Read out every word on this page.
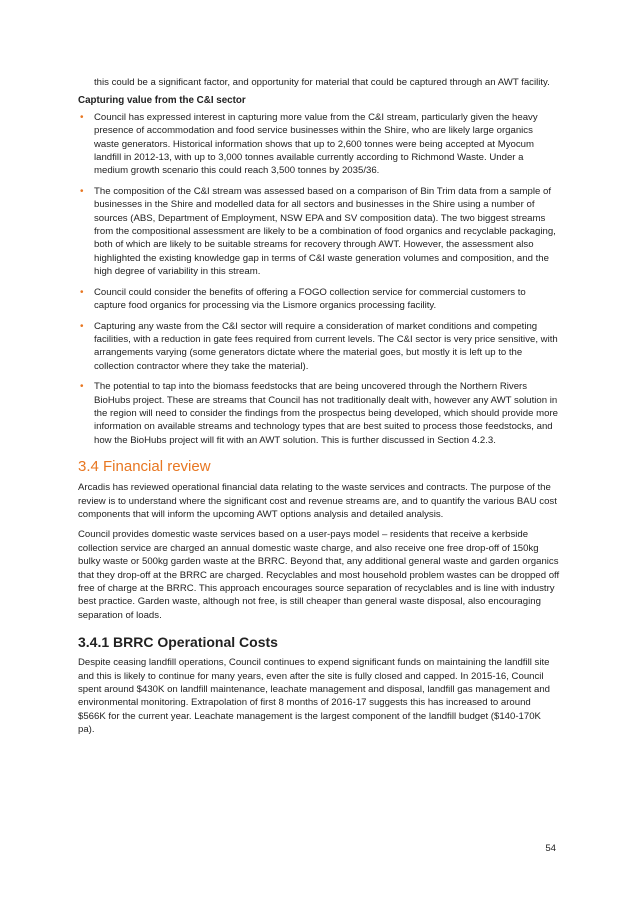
this could be a significant factor, and opportunity for material that could be captured through an AWT facility.

Capturing value from the C&I sector

• Council has expressed interest in capturing more value from the C&I stream, particularly given the heavy presence of accommodation and food service businesses within the Shire, who are likely large organics waste generators. Historical information shows that up to 2,600 tonnes were being accepted at Myocum landfill in 2012-13, with up to 3,000 tonnes available currently according to Richmond Waste. Under a medium growth scenario this could reach 3,500 tonnes by 2035/36.
• The composition of the C&I stream was assessed based on a comparison of Bin Trim data from a sample of businesses in the Shire and modelled data for all sectors and businesses in the Shire using a number of sources (ABS, Department of Employment, NSW EPA and SV composition data). The two biggest streams from the compositional assessment are likely to be a combination of food organics and recyclable packaging, both of which are likely to be suitable streams for recovery through AWT. However, the assessment also highlighted the existing knowledge gap in terms of C&I waste generation volumes and composition, and the high degree of variability in this stream.
• Council could consider the benefits of offering a FOGO collection service for commercial customers to capture food organics for processing via the Lismore organics processing facility.
• Capturing any waste from the C&I sector will require a consideration of market conditions and competing facilities, with a reduction in gate fees required from current levels. The C&I sector is very price sensitive, with arrangements varying (some generators dictate where the material goes, but mostly it is left up to the collection contractor where they take the material).
• The potential to tap into the biomass feedstocks that are being uncovered through the Northern Rivers BioHubs project. These are streams that Council has not traditionally dealt with, however any AWT solution in the region will need to consider the findings from the prospectus being developed, which should provide more information on available streams and technology types that are best suited to process those feedstocks, and how the BioHubs project will fit with an AWT solution. This is further discussed in Section 4.2.3.
3.4 Financial review

Arcadis has reviewed operational financial data relating to the waste services and contracts. The purpose of the review is to understand where the significant cost and revenue streams are, and to quantify the various BAU cost components that will inform the upcoming AWT options analysis and detailed analysis.

Council provides domestic waste services based on a user-pays model – residents that receive a kerbside collection service are charged an annual domestic waste charge, and also receive one free drop-off of 150kg bulky waste or 500kg garden waste at the BRRC. Beyond that, any additional general waste and garden organics that they drop-off at the BRRC are charged. Recyclables and most household problem wastes can be dropped off free of charge at the BRRC. This approach encourages source separation of recyclables and is line with industry best practice. Garden waste, although not free, is still cheaper than general waste disposal, also encouraging separation of loads.

3.4.1 BRRC Operational Costs

Despite ceasing landfill operations, Council continues to expend significant funds on maintaining the landfill site and this is likely to continue for many years, even after the site is fully closed and capped. In 2015-16, Council spent around $430K on landfill maintenance, leachate management and disposal, landfill gas management and environmental monitoring. Extrapolation of first 8 months of 2016-17 suggests this has increased to around $566K for the current year. Leachate management is the largest component of the landfill budget ($140-170K pa).

54
